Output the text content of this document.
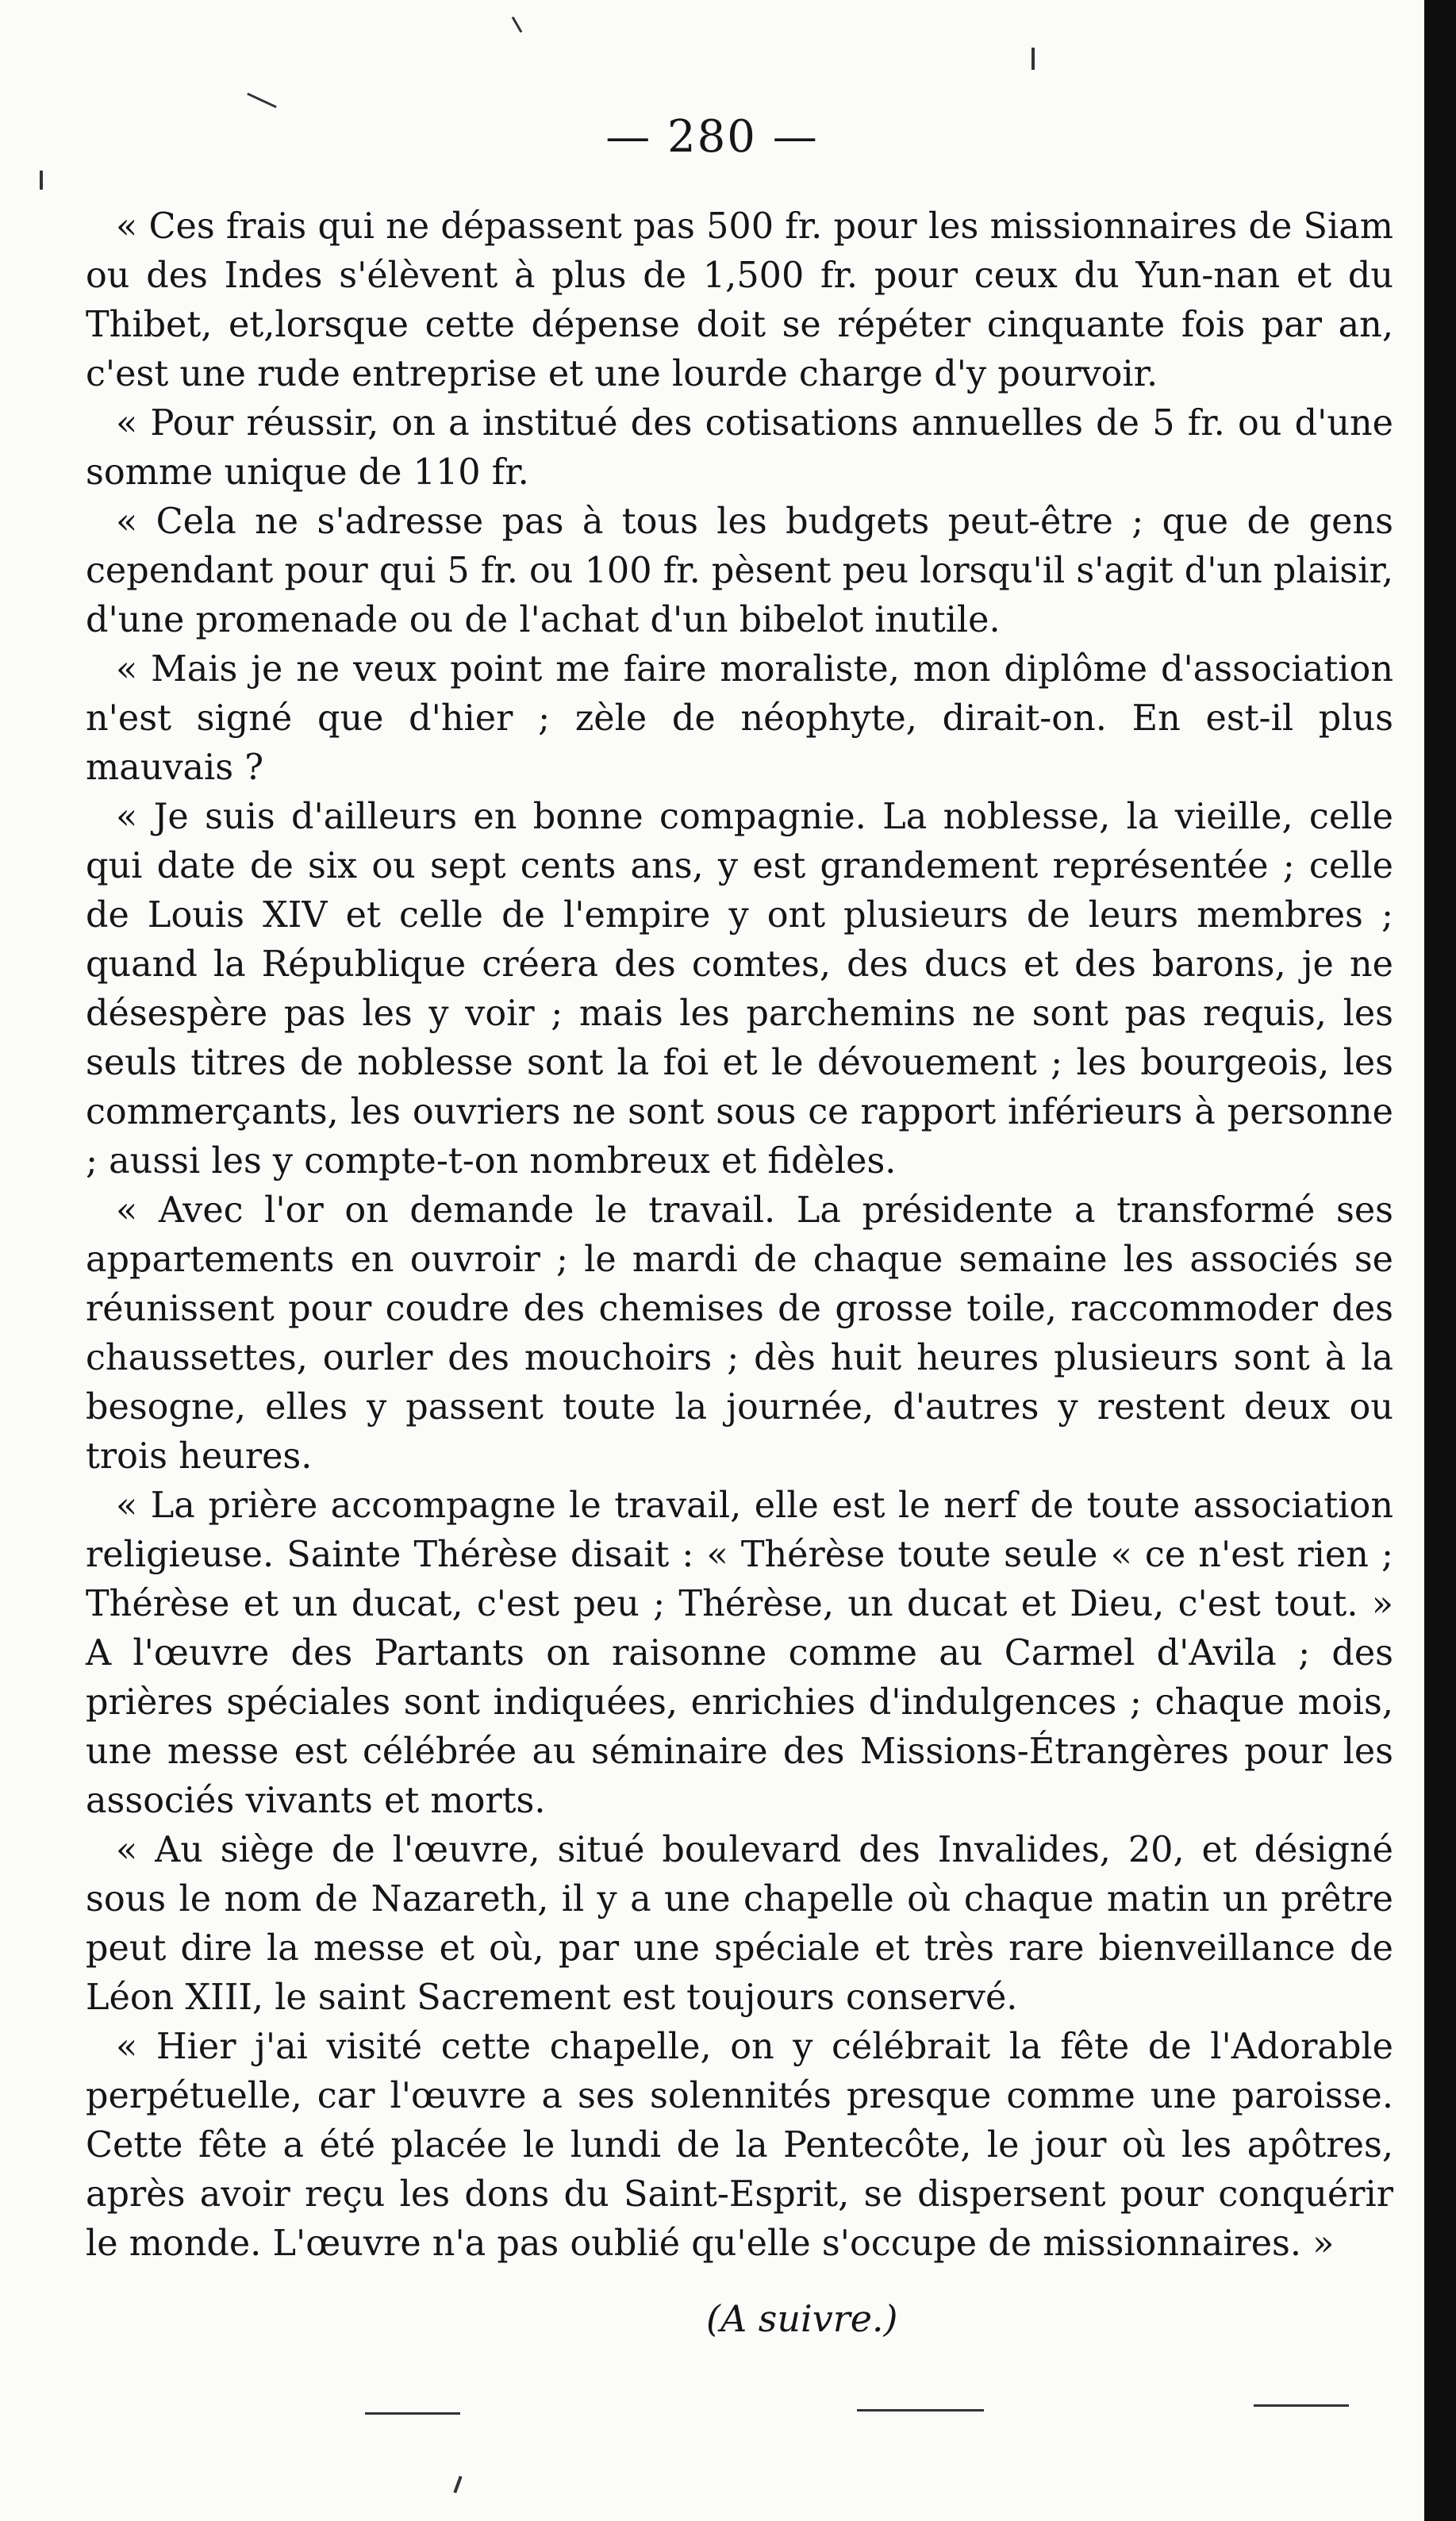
— 280 —

« Ces frais qui ne dépassent pas 500 fr. pour les missionnaires de Siam ou des Indes s'élèvent à plus de 1,500 fr. pour ceux du Yun-nan et du Thibet, et,lorsque cette dépense doit se répéter cinquante fois par an, c'est une rude entreprise et une lourde charge d'y pourvoir.

« Pour réussir, on a institué des cotisations annuelles de 5 fr. ou d'une somme unique de 110 fr.

« Cela ne s'adresse pas à tous les budgets peut-être ; que de gens cependant pour qui 5 fr. ou 100 fr. pèsent peu lorsqu'il s'agit d'un plaisir, d'une promenade ou de l'achat d'un bibelot inutile.

« Mais je ne veux point me faire moraliste, mon diplôme d'association n'est signé que d'hier ; zèle de néophyte, dirait-on. En est-il plus mauvais ?

« Je suis d'ailleurs en bonne compagnie. La noblesse, la vieille, celle qui date de six ou sept cents ans, y est grandement représentée ; celle de Louis XIV et celle de l'empire y ont plusieurs de leurs membres ; quand la République créera des comtes, des ducs et des barons, je ne désespère pas les y voir ; mais les parchemins ne sont pas requis, les seuls titres de noblesse sont la foi et le dévouement ; les bourgeois, les commerçants, les ouvriers ne sont sous ce rapport inférieurs à personne ; aussi les y compte-t-on nombreux et fidèles.

« Avec l'or on demande le travail. La présidente a transformé ses appartements en ouvroir ; le mardi de chaque semaine les associés se réunissent pour coudre des chemises de grosse toile, raccommoder des chaussettes, ourler des mouchoirs ; dès huit heures plusieurs sont à la besogne, elles y passent toute la journée, d'autres y restent deux ou trois heures.

« La prière accompagne le travail, elle est le nerf de toute association religieuse. Sainte Thérèse disait : « Thérèse toute seule « ce n'est rien ; Thérèse et un ducat, c'est peu ; Thérèse, un ducat et Dieu, c'est tout. » A l'œuvre des Partants on raisonne comme au Carmel d'Avila ; des prières spéciales sont indiquées, enrichies d'indulgences ; chaque mois, une messe est célébrée au séminaire des Missions-Étrangères pour les associés vivants et morts.

« Au siège de l'œuvre, situé boulevard des Invalides, 20, et désigné sous le nom de Nazareth, il y a une chapelle où chaque matin un prêtre peut dire la messe et où, par une spéciale et très rare bienveillance de Léon XIII, le saint Sacrement est toujours conservé.

« Hier j'ai visité cette chapelle, on y célébrait la fête de l'Adorable perpétuelle, car l'œuvre a ses solennités presque comme une paroisse. Cette fête a été placée le lundi de la Pentecôte, le jour où les apôtres, après avoir reçu les dons du Saint-Esprit, se dispersent pour conquérir le monde. L'œuvre n'a pas oublié qu'elle s'occupe de missionnaires. »

(A suivre.)
